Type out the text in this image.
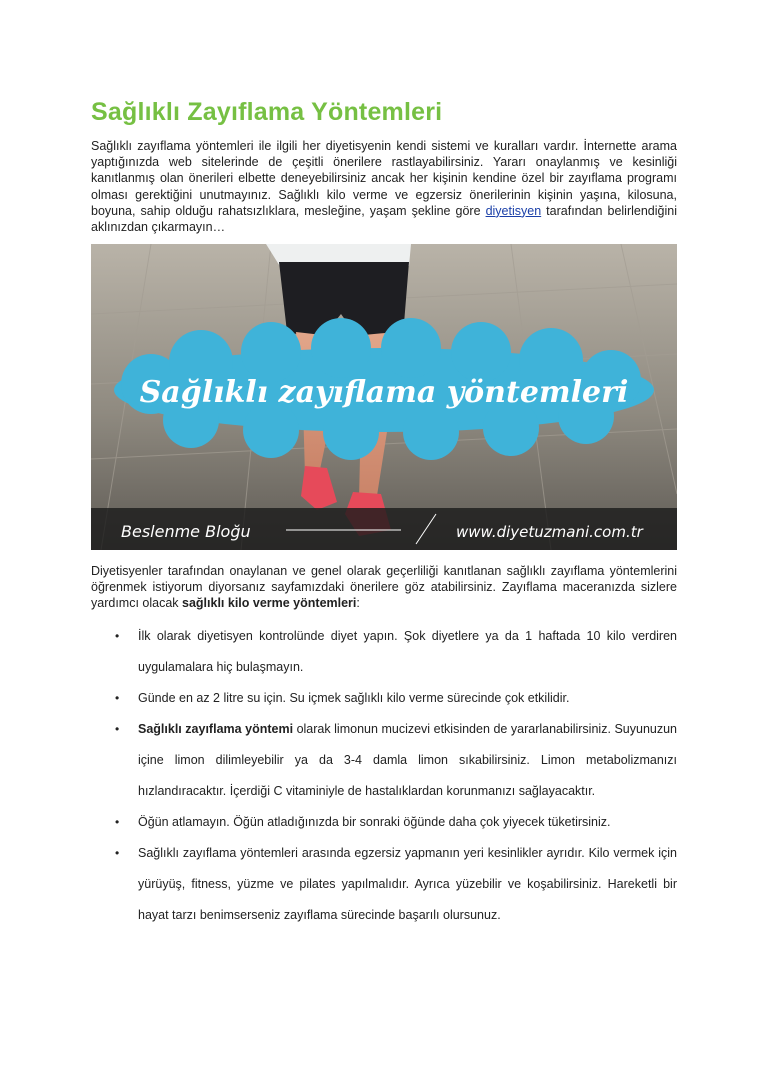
Sağlıklı Zayıflama Yöntemleri

Sağlıklı zayıflama yöntemleri ile ilgili her diyetisyenin kendi sistemi ve kuralları vardır. İnternette arama yaptığınızda web sitelerinde de çeşitli önerilere rastlayabilirsiniz. Yararı onaylanmış ve kesinliği kanıtlanmış olan önerileri elbette deneyebilirsiniz ancak her kişinin kendine özel bir zayıflama programı olması gerektiğini unutmayınız. Sağlıklı kilo verme ve egzersiz önerilerinin kişinin yaşına, kilosuna, boyuna, sahip olduğu rahatsızlıklara, mesleğine, yaşam şekline göre diyetisyen tarafından belirlendiğini aklınızdan çıkarmayın…

Sağlıklı zayıflama yöntemleri
Beslenme Bloğu	www.diyetuzmani.com.tr

Diyetisyenler tarafından onaylanan ve genel olarak geçerliliği kanıtlanan sağlıklı zayıflama yöntemlerini öğrenmek istiyorum diyorsanız sayfamızdaki önerilere göz atabilirsiniz. Zayıflama maceranızda sizlere yardımcı olacak sağlıklı kilo verme yöntemleri:

• İlk olarak diyetisyen kontrolünde diyet yapın. Şok diyetlere ya da 1 haftada 10 kilo verdiren uygulamalara hiç bulaşmayın.
• Günde en az 2 litre su için. Su içmek sağlıklı kilo verme sürecinde çok etkilidir.
• Sağlıklı zayıflama yöntemi olarak limonun mucizevi etkisinden de yararlanabilirsiniz. Suyunuzun içine limon dilimleyebilir ya da 3-4 damla limon sıkabilirsiniz. Limon metabolizmanızı hızlandıracaktır. İçerdiği C vitaminiyle de hastalıklardan korunmanızı sağlayacaktır.
• Öğün atlamayın. Öğün atladığınızda bir sonraki öğünde daha çok yiyecek tüketirsiniz.
• Sağlıklı zayıflama yöntemleri arasında egzersiz yapmanın yeri kesinlikler ayrıdır. Kilo vermek için yürüyüş, fitness, yüzme ve pilates yapılmalıdır. Ayrıca yüzebilir ve koşabilirsiniz. Hareketli bir hayat tarzı benimserseniz zayıflama sürecinde başarılı olursunuz.
